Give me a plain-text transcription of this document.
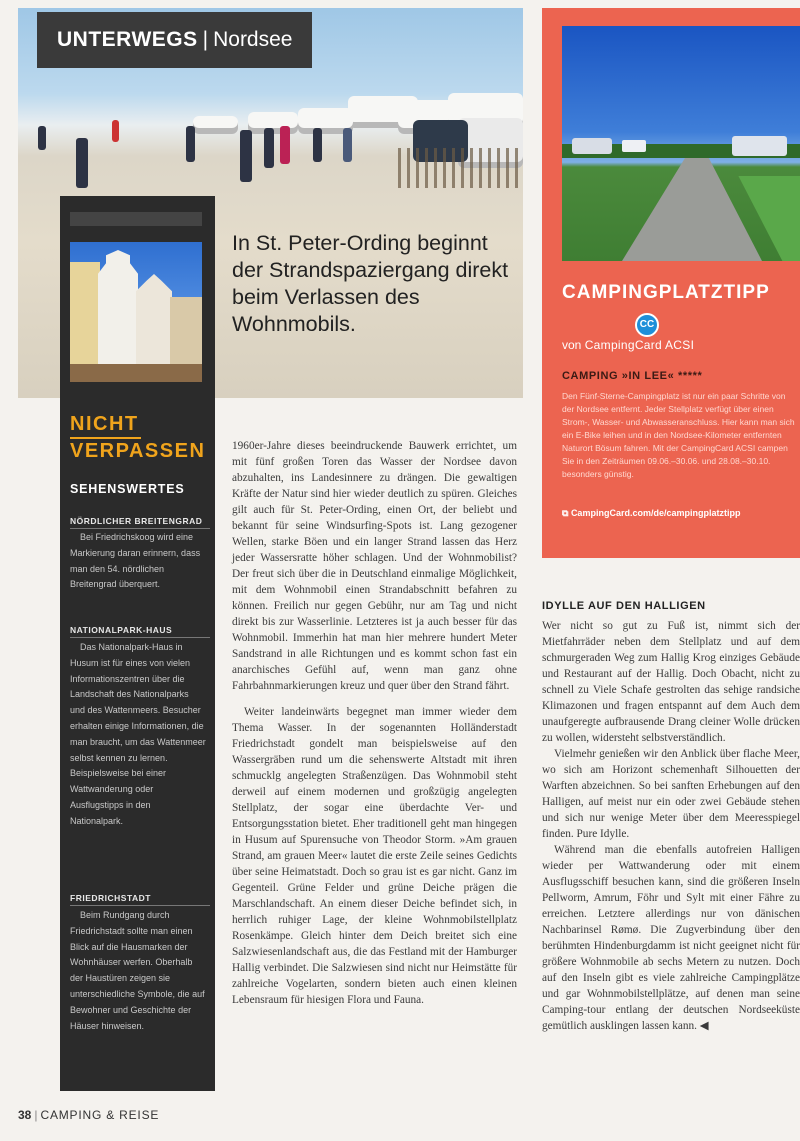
UNTERWEGS | Nordsee
In St. Peter-Ording beginnt der Strandspaziergang direkt beim Verlassen des Wohnmobils.
NICHT
VERPASSEN
SEHENSWERTES
NÖRDLICHER BREITENGRAD
Bei Friedrichskoog wird eine Markierung daran erinnern, dass man den 54. nördlichen Breitengrad überquert.
NATIONALPARK-HAUS
Das Nationalpark-Haus in Husum ist für eines von vielen Informationszentren über die Landschaft des Nationalparks und des Wattenmeers. Besucher erhalten einige Informationen, die man braucht, um das Wattenmeer selbst kennen zu lernen. Beispielsweise bei einer Wattwanderung oder Ausflugstipps in den Nationalpark.
FRIEDRICHSTADT
Beim Rundgang durch Friedrichstadt sollte man einen Blick auf die Hausmarken der Wohnhäuser werfen. Oberhalb der Haustüren zeigen sie unterschiedliche Symbole, die auf Bewohner und Geschichte der Häuser hinweisen.

1960er-Jahre dieses beeindruckende Bauwerk errichtet, um mit fünf großen Toren das Wasser der Nordsee davon abzuhalten, ins Landesinnere zu drängen. Die gewaltigen Kräfte der Natur sind hier wieder deutlich zu spüren. Gleiches gilt auch für St. Peter-Ording, einen Ort, der beliebt und bekannt für seine Windsurfing-Spots ist. Lang gezogener Wellen, starke Böen und ein langer Strand lassen das Herz jeder Wassersratte höher schlagen. Und der Wohnmobilist? Der freut sich über die in Deutschland einmalige Möglichkeit, mit dem Wohnmobil einen Strandabschnitt befahren zu können. Freilich nur gegen Gebühr, nur am Tag und nicht direkt bis zur Wasserlinie. Letzteres ist ja auch besser für das Wohnmobil. Immerhin hat man hier mehrere hundert Meter Sandstrand in alle Richtungen und es kommt schon fast ein anarchisches Gefühl auf, wenn man ganz ohne Fahrbahnmarkierungen kreuz und quer über den Strand fährt.

Weiter landeinwärts begegnet man immer wieder dem Thema Wasser. In der sogenannten Holländerstadt Friedrichstadt gondelt man beispielsweise auf den Wassergräben rund um die sehenswerte Altstadt mit ihren schmucklg angelegten Straßenzügen. Das Wohnmobil steht derweil auf einem modernen und großzügig angelegten Stellplatz, der sogar eine überdachte Ver- und Entsorgungsstation bietet. Eher traditionell geht man hingegen in Husum auf Spurensuche von Theodor Storm. »Am grauen Strand, am grauen Meer« lautet die erste Zeile seines Gedichts über seine Heimatstadt. Doch so grau ist es gar nicht. Ganz im Gegenteil. Grüne Felder und grüne Deiche prägen die Marschlandschaft. An einem dieser Deiche befindet sich, in herrlich ruhiger Lage, der kleine Wohnmobilstellplatz Rosenkämpe. Gleich hinter dem Deich breitet sich eine Salzwiesenlandschaft aus, die das Festland mit der Hamburger Hallig verbindet. Die Salzwiesen sind nicht nur Heimstätte für zahlreiche Vogelarten, sondern bieten auch einen kleinen Lebensraum für hiesigen Flora und Fauna.

CAMPINGPLATZTIPP
CC
von CampingCard ACSI
CAMPING »IN LEE« *****
Den Fünf-Sterne-Campingplatz ist nur ein paar Schritte von der Nordsee entfernt. Jeder Stellplatz verfügt über einen Strom-, Wasser- und Abwasseranschluss. Hier kann man sich ein E-Bike leihen und in den Nordsee-Kilometer entfernten Naturort Bösum fahren. Mit der CampingCard ACSI campen Sie in den Zeiträumen 09.06.–30.06. und 28.08.–30.10. besonders günstig.
⧉ CampingCard.com/de/campingplatztipp
IDYLLE AUF DEN HALLIGEN

Wer nicht so gut zu Fuß ist, nimmt sich der Mietfahrräder neben dem Stellplatz und auf dem schmurgeraden Weg zum Hallig Krog einziges Gebäude und Restaurant auf der Hallig. Doch Obacht, nicht zu schnell zu Viele Schafe gestrolten das sehige randsiche Klimazonen und fragen entspannt auf dem Auch dem unaufgeregte aufbrausende Drang cleiner Wolle drücken zu wollen, widersteht selbstverständlich.

Vielmehr genießen wir den Anblick über flache Meer, wo sich am Horizont schemenhaft Silhouetten der Warften abzeichnen. So bei sanften Erhebungen auf den Halligen, auf meist nur ein oder zwei Gebäude stehen und sich nur wenige Meter über dem Meeresspiegel finden. Pure Idylle.

Während man die ebenfalls autofreien Halligen wieder per Wattwanderung oder mit einem Ausflugsschiff besuchen kann, sind die größeren Inseln Pellworm, Amrum, Föhr und Sylt mit einer Fähre zu erreichen. Letztere allerdings nur von dänischen Nachbarinsel Rømø. Die Zugverbindung über den berühmten Hindenburgdamm ist nicht geeignet nicht für größere Wohnmobile ab sechs Metern zu nutzen. Doch auf den Inseln gibt es viele zahlreiche Campingplätze und gar Wohnmobilstellplätze, auf denen man seine Camping-tour entlang der deutschen Nordseeküste gemütlich ausklingen lassen kann. ◀

38 | CAMPING & REISE
